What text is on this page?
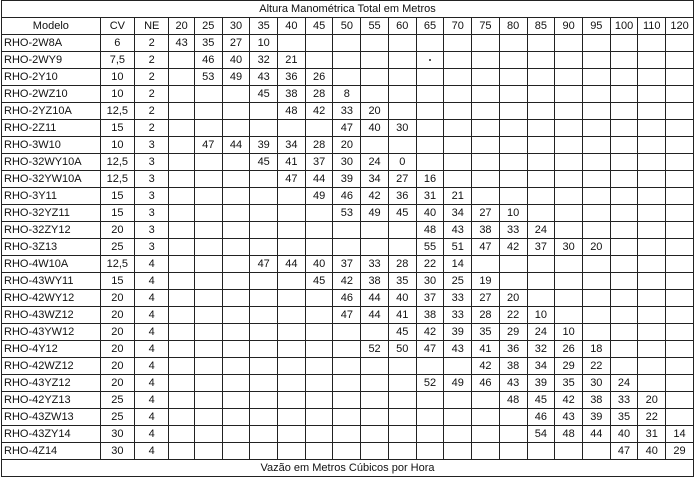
Altura Manométrica Total em Metros																					
Modelo	CV	NE	20	25	30	35	40	45	50	55	60	65	70	75	80	85	90	95	100	110	120
RHO-2W8A	6	2	43	35	27	10															
RHO-2WY9	7,5	2		46	40	32	21														
RHO-2Y10	10	2		53	49	43	36	26													
RHO-2WZ10	10	2				45	38	28	8												
RHO-2YZ10A	12,5	2					48	42	33	20											
RHO-2Z11	15	2							47	40	30										
RHO-3W10	10	3		47	44	39	34	28	20												
RHO-32WY10A	12,5	3				45	41	37	30	24	0										
RHO-32YW10A	12,5	3					47	44	39	34	27	16									
RHO-3Y11	15	3						49	46	42	36	31	21								
RHO-32YZ11	15	3							53	49	45	40	34	27	10						
RHO-32ZY12	20	3										48	43	38	33	24					
RHO-3Z13	25	3										55	51	47	42	37	30	20			
RHO-4W10A	12,5	4				47	44	40	37	33	28	22	14								
RHO-43WY11	15	4						45	42	38	35	30	25	19							
RHO-42WY12	20	4							46	44	40	37	33	27	20						
RHO-43WZ12	20	4							47	44	41	38	33	28	22	10					
RHO-43YW12	20	4									45	42	39	35	29	24	10				
RHO-4Y12	20	4								52	50	47	43	41	36	32	26	18			
RHO-42WZ12	20	4												42	38	34	29	22			
RHO-43YZ12	20	4										52	49	46	43	39	35	30	24		
RHO-42YZ13	25	4													48	45	42	38	33	20	
RHO-43ZW13	25	4														46	43	39	35	22	
RHO-43ZY14	30	4														54	48	44	40	31	14
RHO-4Z14	30	4																	47	40	29
Vazão em Metros Cúbicos por Hora																					
